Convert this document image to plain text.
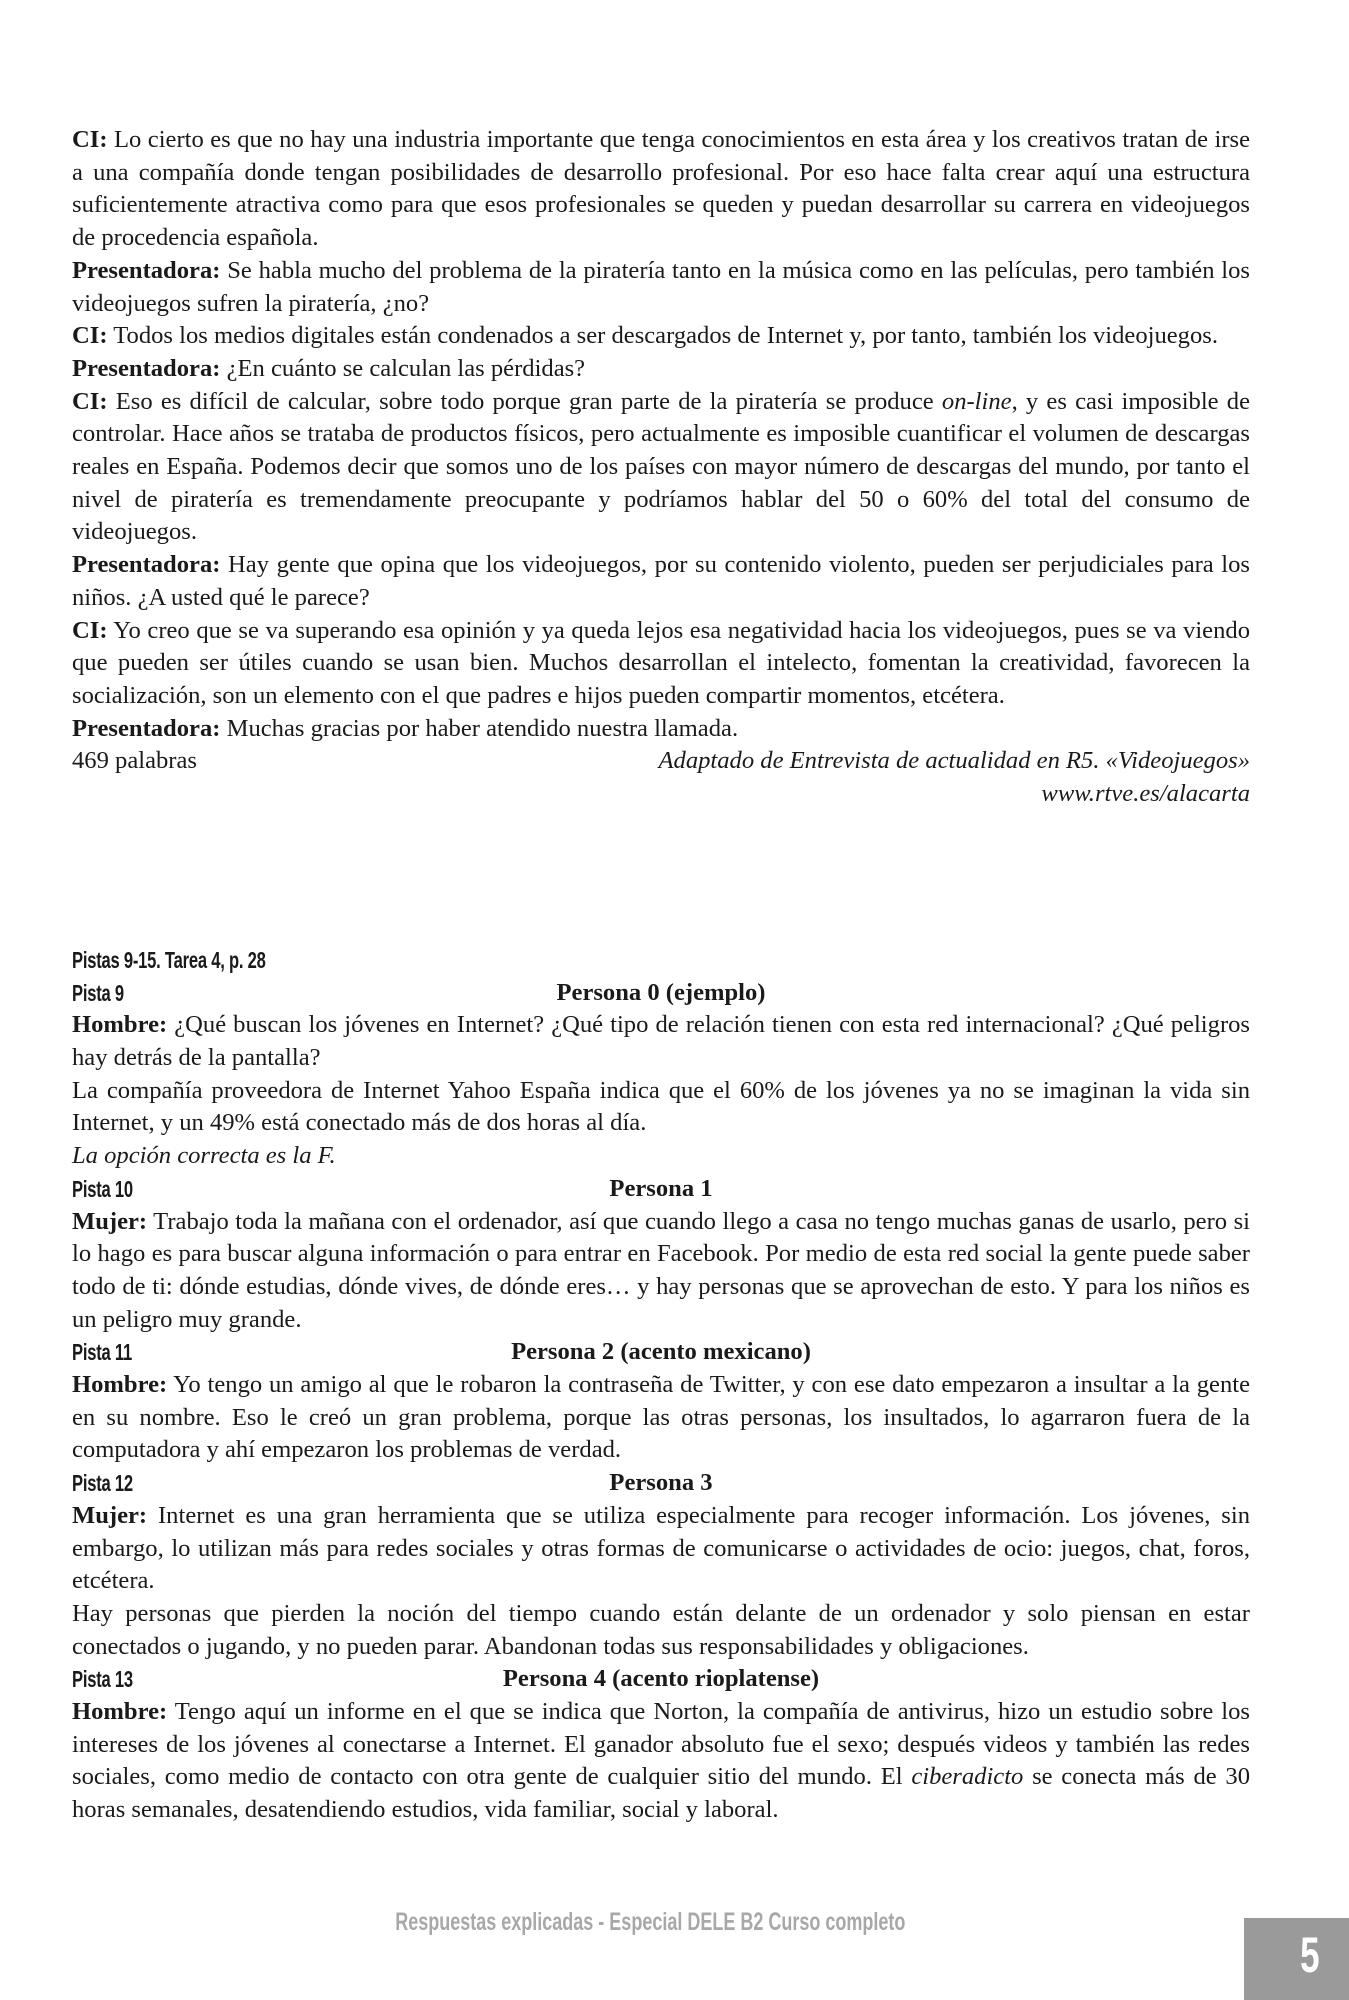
CI: Lo cierto es que no hay una industria importante que tenga conocimientos en esta área y los creativos tratan de irse a una compañía donde tengan posibilidades de desarrollo profesional. Por eso hace falta crear aquí una estructura suficientemente atractiva como para que esos profesionales se queden y puedan desarrollar su carrera en videojuegos de procedencia española.

Presentadora: Se habla mucho del problema de la piratería tanto en la música como en las películas, pero también los videojuegos sufren la piratería, ¿no?

CI: Todos los medios digitales están condenados a ser descargados de Internet y, por tanto, también los videojuegos.

Presentadora: ¿En cuánto se calculan las pérdidas?

CI: Eso es difícil de calcular, sobre todo porque gran parte de la piratería se produce on-line, y es casi imposible de controlar. Hace años se trataba de productos físicos, pero actualmente es imposible cuantificar el volumen de descargas reales en España. Podemos decir que somos uno de los países con mayor número de descargas del mundo, por tanto el nivel de piratería es tremendamente preocupante y podríamos hablar del 50 o 60% del total del consumo de videojuegos.

Presentadora: Hay gente que opina que los videojuegos, por su contenido violento, pueden ser perjudiciales para los niños. ¿A usted qué le parece?

CI: Yo creo que se va superando esa opinión y ya queda lejos esa negatividad hacia los videojuegos, pues se va viendo que pueden ser útiles cuando se usan bien. Muchos desarrollan el intelecto, fomentan la creatividad, favorecen la socialización, son un elemento con el que padres e hijos pueden compartir momentos, etcétera.

Presentadora: Muchas gracias por haber atendido nuestra llamada.

469 palabras	Adaptado de Entrevista de actualidad en R5. «Videojuegos»
www.rtve.es/alacarta
Pistas 9-15. Tarea 4, p. 28
Persona 0 (ejemplo)
Pista 9

Hombre: ¿Qué buscan los jóvenes en Internet? ¿Qué tipo de relación tienen con esta red internacional? ¿Qué peligros hay detrás de la pantalla?

La compañía proveedora de Internet Yahoo España indica que el 60% de los jóvenes ya no se imaginan la vida sin Internet, y un 49% está conectado más de dos horas al día.

La opción correcta es la F.

Persona 1
Pista 10

Mujer: Trabajo toda la mañana con el ordenador, así que cuando llego a casa no tengo muchas ganas de usarlo, pero si lo hago es para buscar alguna información o para entrar en Facebook. Por medio de esta red social la gente puede saber todo de ti: dónde estudias, dónde vives, de dónde eres… y hay personas que se aprovechan de esto. Y para los niños es un peligro muy grande.

Persona 2 (acento mexicano)
Pista 11

Hombre: Yo tengo un amigo al que le robaron la contraseña de Twitter, y con ese dato empezaron a insultar a la gente en su nombre. Eso le creó un gran problema, porque las otras personas, los insultados, lo agarraron fuera de la computadora y ahí empezaron los problemas de verdad.

Persona 3
Pista 12

Mujer: Internet es una gran herramienta que se utiliza especialmente para recoger información. Los jóvenes, sin embargo, lo utilizan más para redes sociales y otras formas de comunicarse o actividades de ocio: juegos, chat, foros, etcétera.

Hay personas que pierden la noción del tiempo cuando están delante de un ordenador y solo piensan en estar conectados o jugando, y no pueden parar. Abandonan todas sus responsabilidades y obligaciones.

Persona 4 (acento rioplatense)
Pista 13

Hombre: Tengo aquí un informe en el que se indica que Norton, la compañía de antivirus, hizo un estudio sobre los intereses de los jóvenes al conectarse a Internet. El ganador absoluto fue el sexo; después videos y también las redes sociales, como medio de contacto con otra gente de cualquier sitio del mundo. El ciberadicto se conecta más de 30 horas semanales, desatendiendo estudios, vida familiar, social y laboral.

Respuestas explicadas - Especial DELE B2 Curso completo
5
